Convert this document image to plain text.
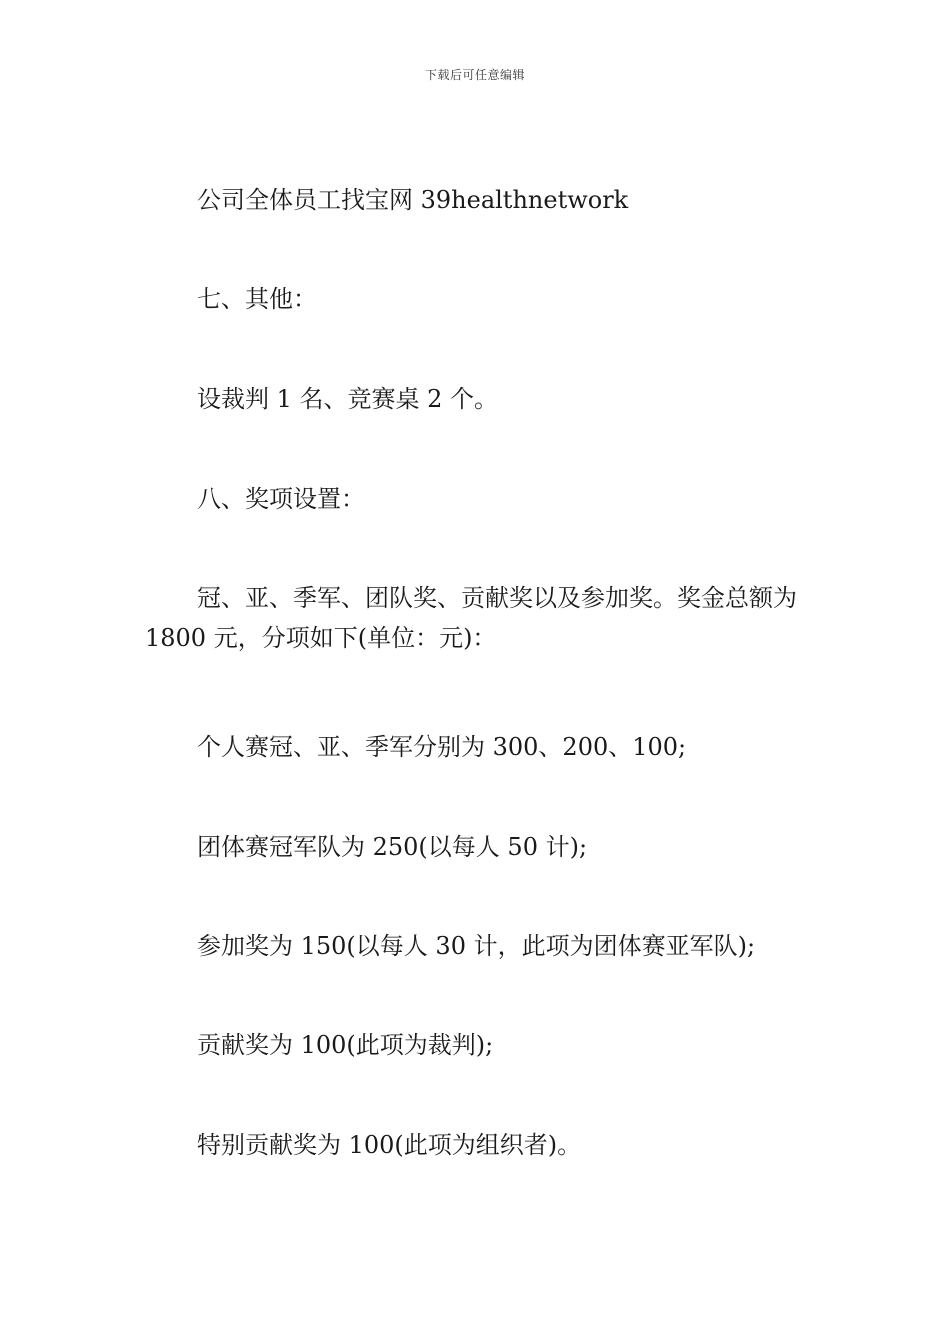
下载后可任意编辑

公司全体员工找宝网 39healthnetwork

七、其他：

设裁判 1 名、竞赛桌 2 个。

八、奖项设置：

冠、亚、季军、团队奖、贡献奖以及参加奖。奖金总额为 1800 元，分项如下(单位：元)：

个人赛冠、亚、季军分别为 300、200、100;

团体赛冠军队为 250(以每人 50 计);

参加奖为 150(以每人 30 计，此项为团体赛亚军队);

贡献奖为 100(此项为裁判);

特别贡献奖为 100(此项为组织者)。
